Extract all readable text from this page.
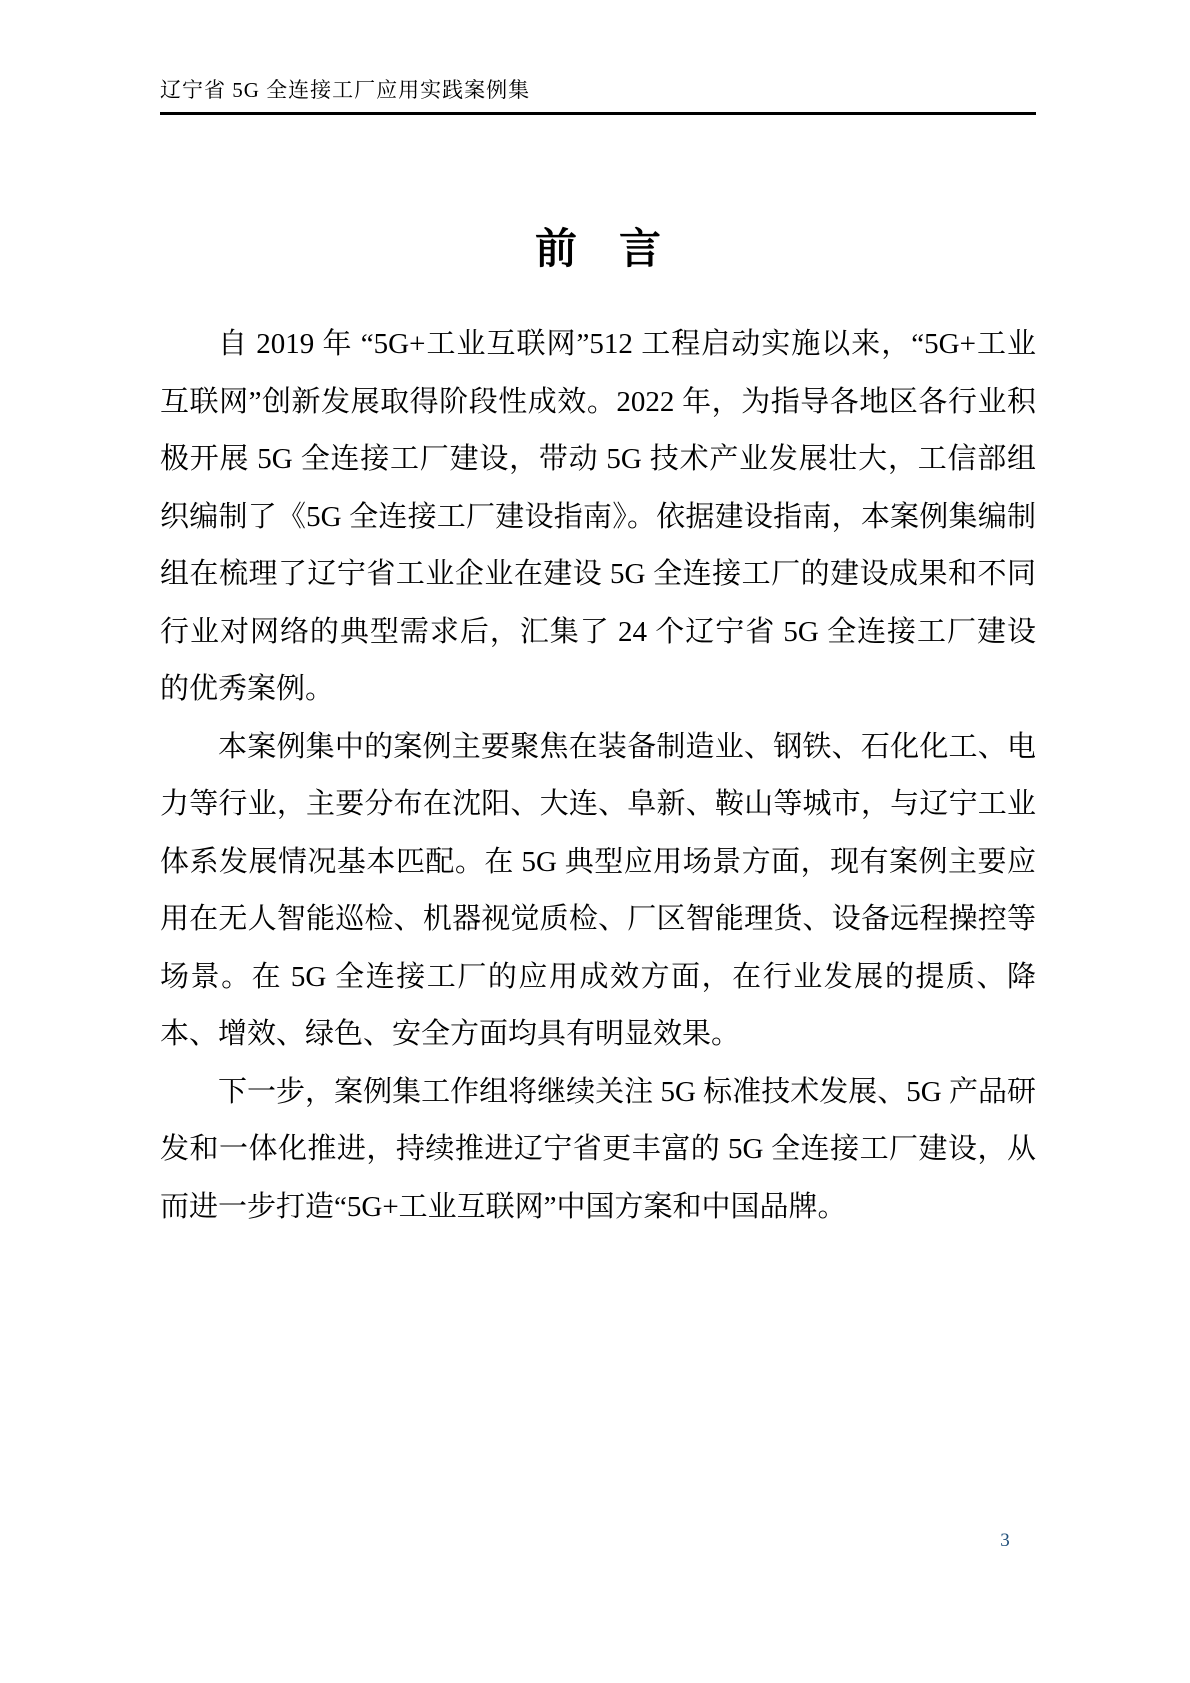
辽宁省 5G 全连接工厂应用实践案例集
前　言

自 2019 年 “5G+工业互联网”512 工程启动实施以来，“5G+工业互联网”创新发展取得阶段性成效。2022 年，为指导各地区各行业积极开展 5G 全连接工厂建设，带动 5G 技术产业发展壮大，工信部组织编制了《5G 全连接工厂建设指南》。依据建设指南，本案例集编制组在梳理了辽宁省工业企业在建设 5G 全连接工厂的建设成果和不同行业对网络的典型需求后，汇集了 24 个辽宁省 5G 全连接工厂建设的优秀案例。

本案例集中的案例主要聚焦在装备制造业、钢铁、石化化工、电力等行业，主要分布在沈阳、大连、阜新、鞍山等城市，与辽宁工业体系发展情况基本匹配。在 5G 典型应用场景方面，现有案例主要应用在无人智能巡检、机器视觉质检、厂区智能理货、设备远程操控等场景。在 5G 全连接工厂的应用成效方面，在行业发展的提质、降本、增效、绿色、安全方面均具有明显效果。

下一步，案例集工作组将继续关注 5G 标准技术发展、5G 产品研发和一体化推进，持续推进辽宁省更丰富的 5G 全连接工厂建设，从而进一步打造“5G+工业互联网”中国方案和中国品牌。

3
